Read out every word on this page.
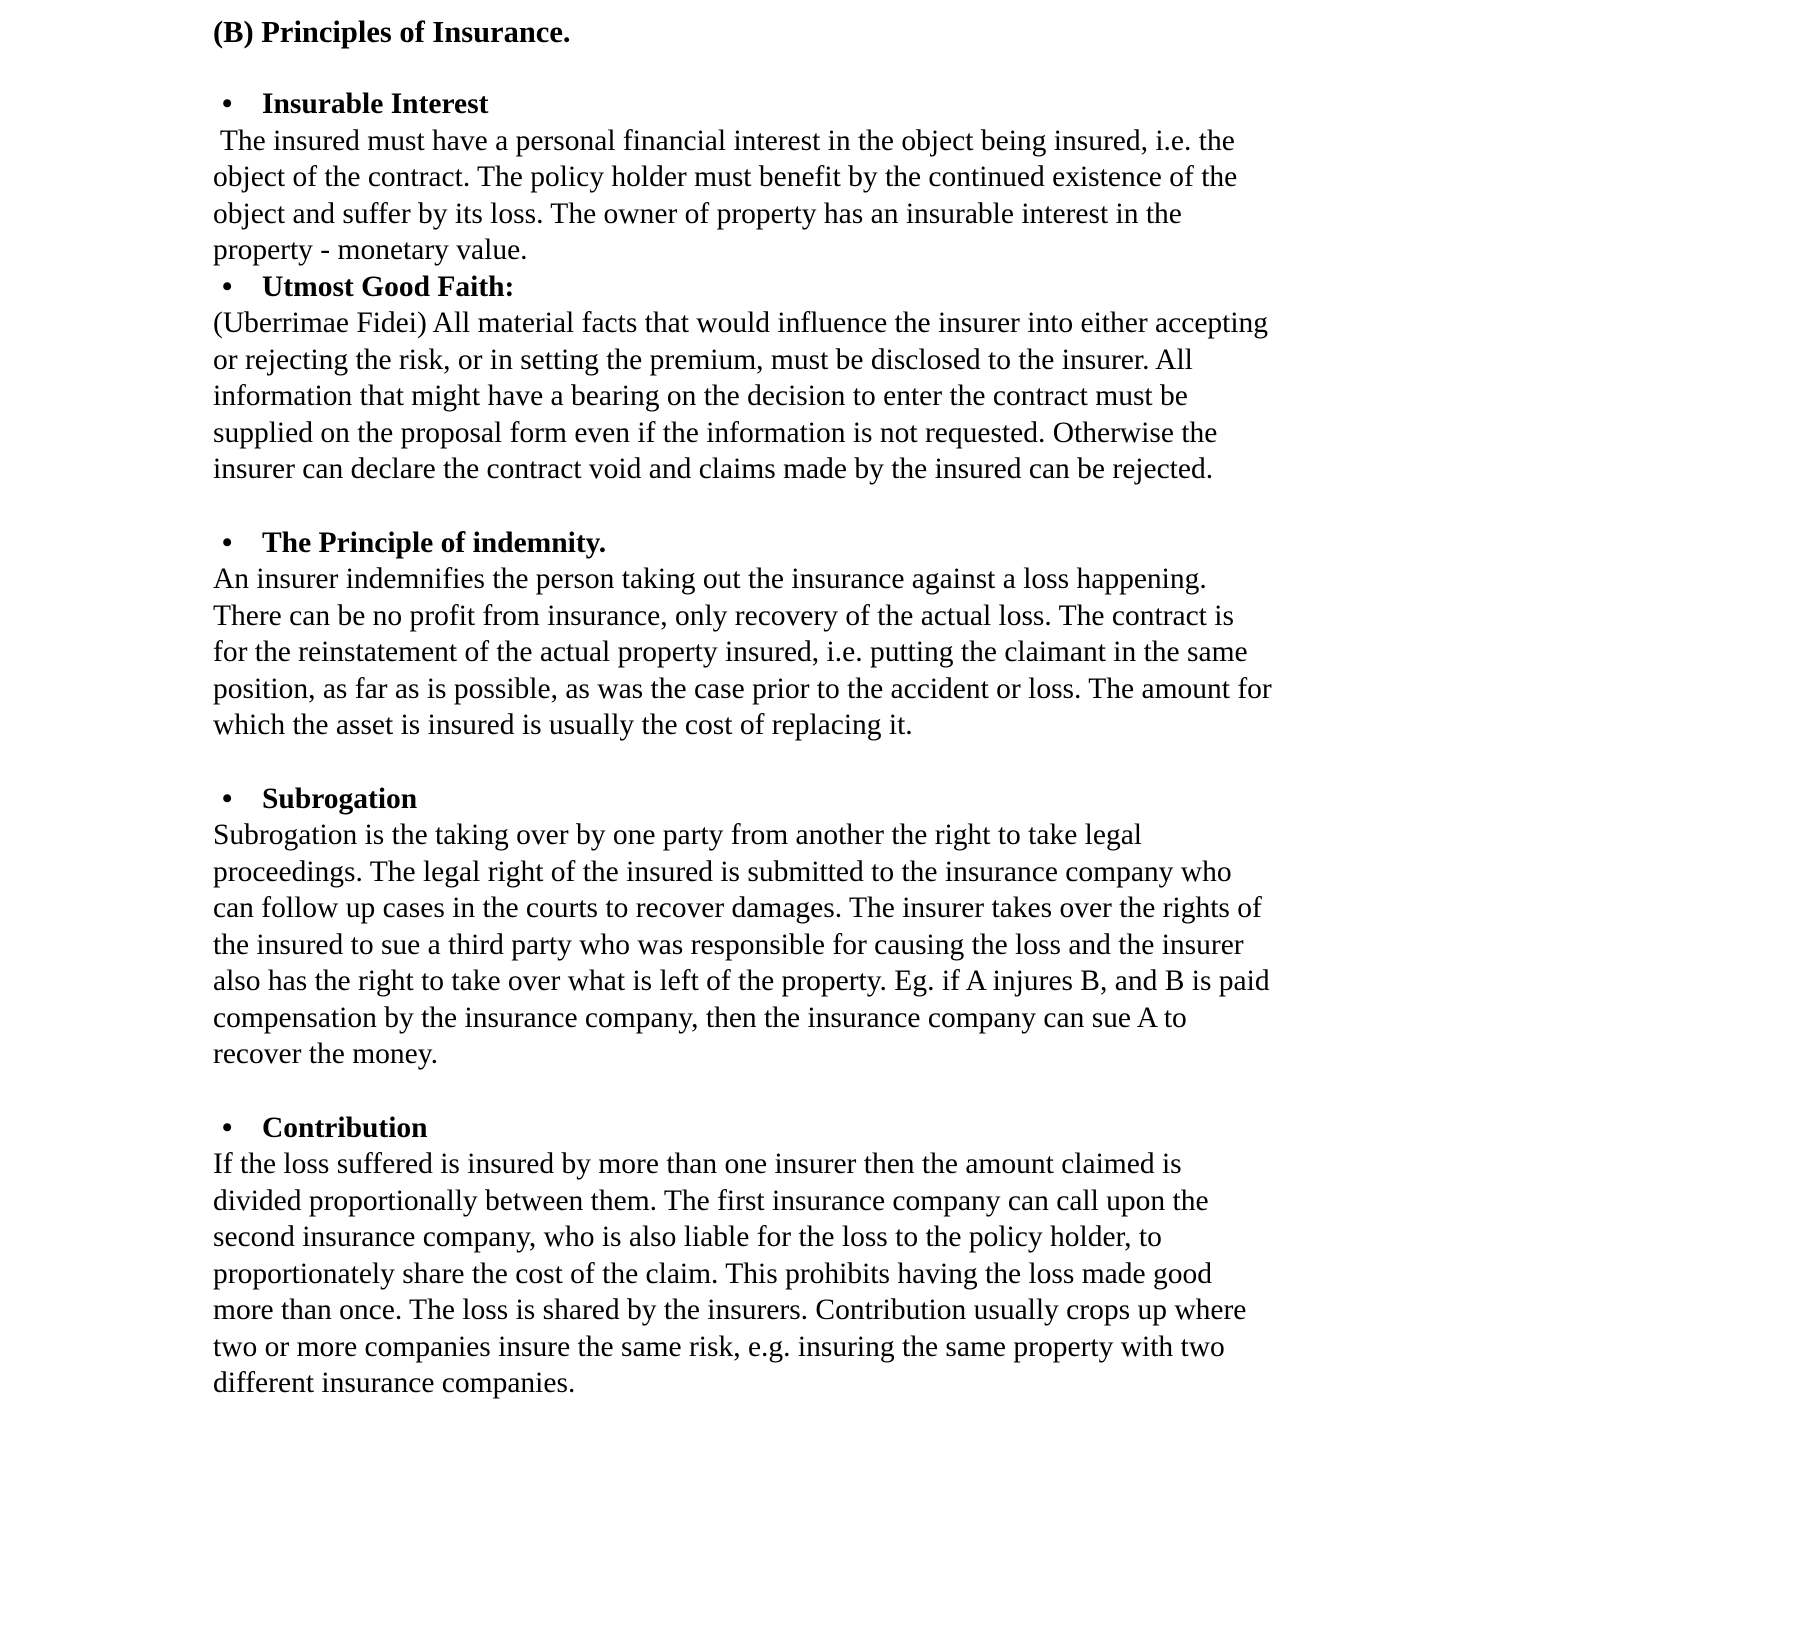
(B) Principles of Insurance.
•	Insurable Interest
The insured must have a personal financial interest in the object being insured, i.e. the
object of the contract. The policy holder must benefit by the continued existence of the
object and suffer by its loss. The owner of property has an insurable interest in the
property - monetary value.
•	Utmost Good Faith:
(Uberrimae Fidei) All material facts that would influence the insurer into either accepting
or rejecting the risk, or in setting the premium, must be disclosed to the insurer. All
information that might have a bearing on the decision to enter the contract must be
supplied on the proposal form even if the information is not requested. Otherwise the
insurer can declare the contract void and claims made by the insured can be rejected.
•	The Principle of indemnity.
An insurer indemnifies the person taking out the insurance against a loss happening.
There can be no profit from insurance, only recovery of the actual loss. The contract is
for the reinstatement of the actual property insured, i.e. putting the claimant in the same
position, as far as is possible, as was the case prior to the accident or loss. The amount for
which the asset is insured is usually the cost of replacing it.
•	Subrogation
Subrogation is the taking over by one party from another the right to take legal
proceedings. The legal right of the insured is submitted to the insurance company who
can follow up cases in the courts to recover damages. The insurer takes over the rights of
the insured to sue a third party who was responsible for causing the loss and the insurer
also has the right to take over what is left of the property. Eg. if A injures B, and B is paid
compensation by the insurance company, then the insurance company can sue A to
recover the money.
•	Contribution
If the loss suffered is insured by more than one insurer then the amount claimed is
divided proportionally between them. The first insurance company can call upon the
second insurance company, who is also liable for the loss to the policy holder, to
proportionately share the cost of the claim. This prohibits having the loss made good
more than once. The loss is shared by the insurers. Contribution usually crops up where
two or more companies insure the same risk, e.g. insuring the same property with two
different insurance companies.
